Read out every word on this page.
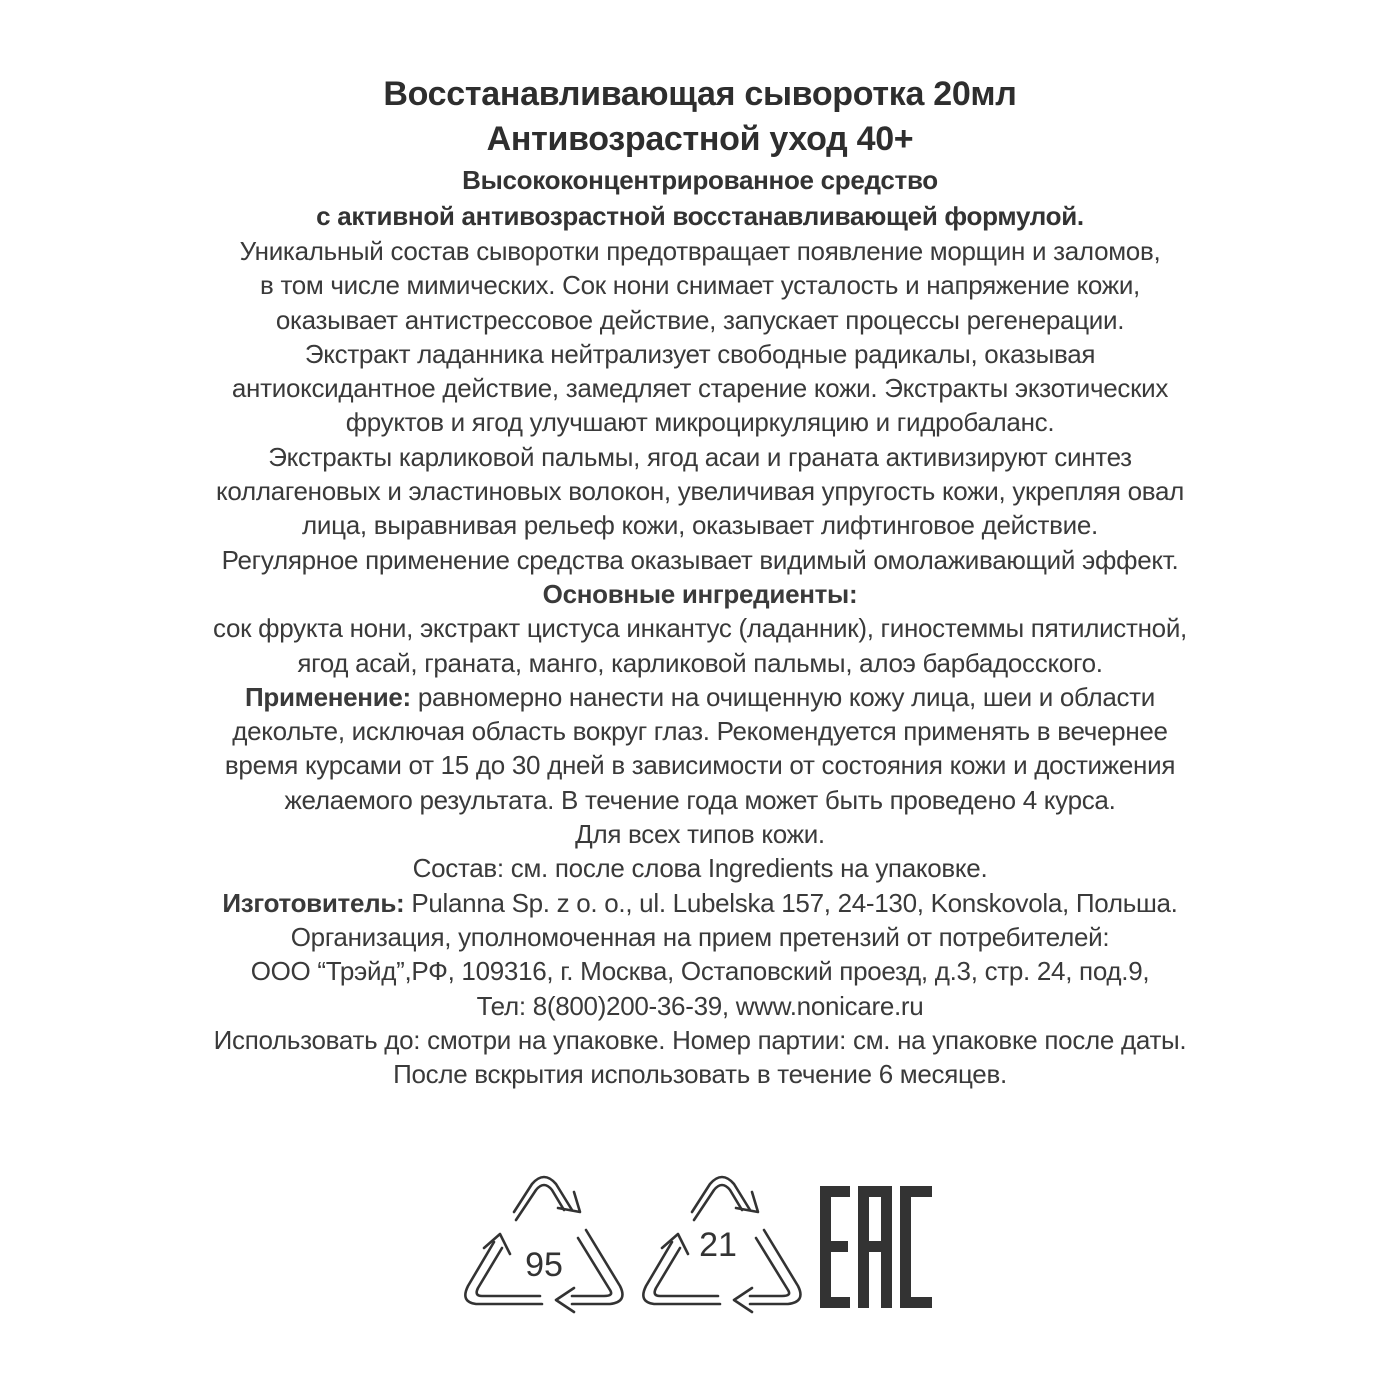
Восстанавливающая сыворотка 20мл
Антивозрастной уход 40+
Высококонцентрированное средство
с активной антивозрастной восстанавливающей формулой.
Уникальный состав сыворотки предотвращает появление морщин и заломов,
в том числе мимических. Сок нони снимает усталость и напряжение кожи,
оказывает антистрессовое действие, запускает процессы регенерации.
Экстракт ладанника нейтрализует свободные радикалы, оказывая
антиоксидантное действие, замедляет старение кожи. Экстракты экзотических
фруктов и ягод улучшают микроциркуляцию и гидробаланс.
Экстракты карликовой пальмы, ягод асаи и граната активизируют синтез
коллагеновых и эластиновых волокон, увеличивая упругость кожи, укрепляя овал
лица, выравнивая рельеф кожи, оказывает лифтинговое действие.
Регулярное применение средства оказывает видимый омолаживающий эффект.
Основные ингредиенты:
сок фрукта нони, экстракт цистуса инкантус (ладанник), гиностеммы пятилистной,
ягод асай, граната, манго, карликовой пальмы, алоэ барбадосского.
Применение: равномерно нанести на очищенную кожу лица, шеи и области
декольте, исключая область вокруг глаз. Рекомендуется применять в вечернее
время курсами от 15 до 30 дней в зависимости от состояния кожи и достижения
желаемого результата. В течение года может быть проведено 4 курса.
Для всех типов кожи.
Состав: см. после слова Ingredients на упаковке.
Изготовитель: Pulanna Sp. z o. o., ul. Lubelska 157, 24-130, Konskovola, Польша.
Организация, уполномоченная на прием претензий от потребителей:
ООО “Трэйд”,РФ, 109316, г. Москва, Остаповский проезд, д.3, стр. 24, под.9,
Тел: 8(800)200-36-39, www.nonicare.ru
Использовать до: смотри на упаковке. Номер партии: см. на упаковке после даты.
После вскрытия использовать в течение 6 месяцев.
95
21
